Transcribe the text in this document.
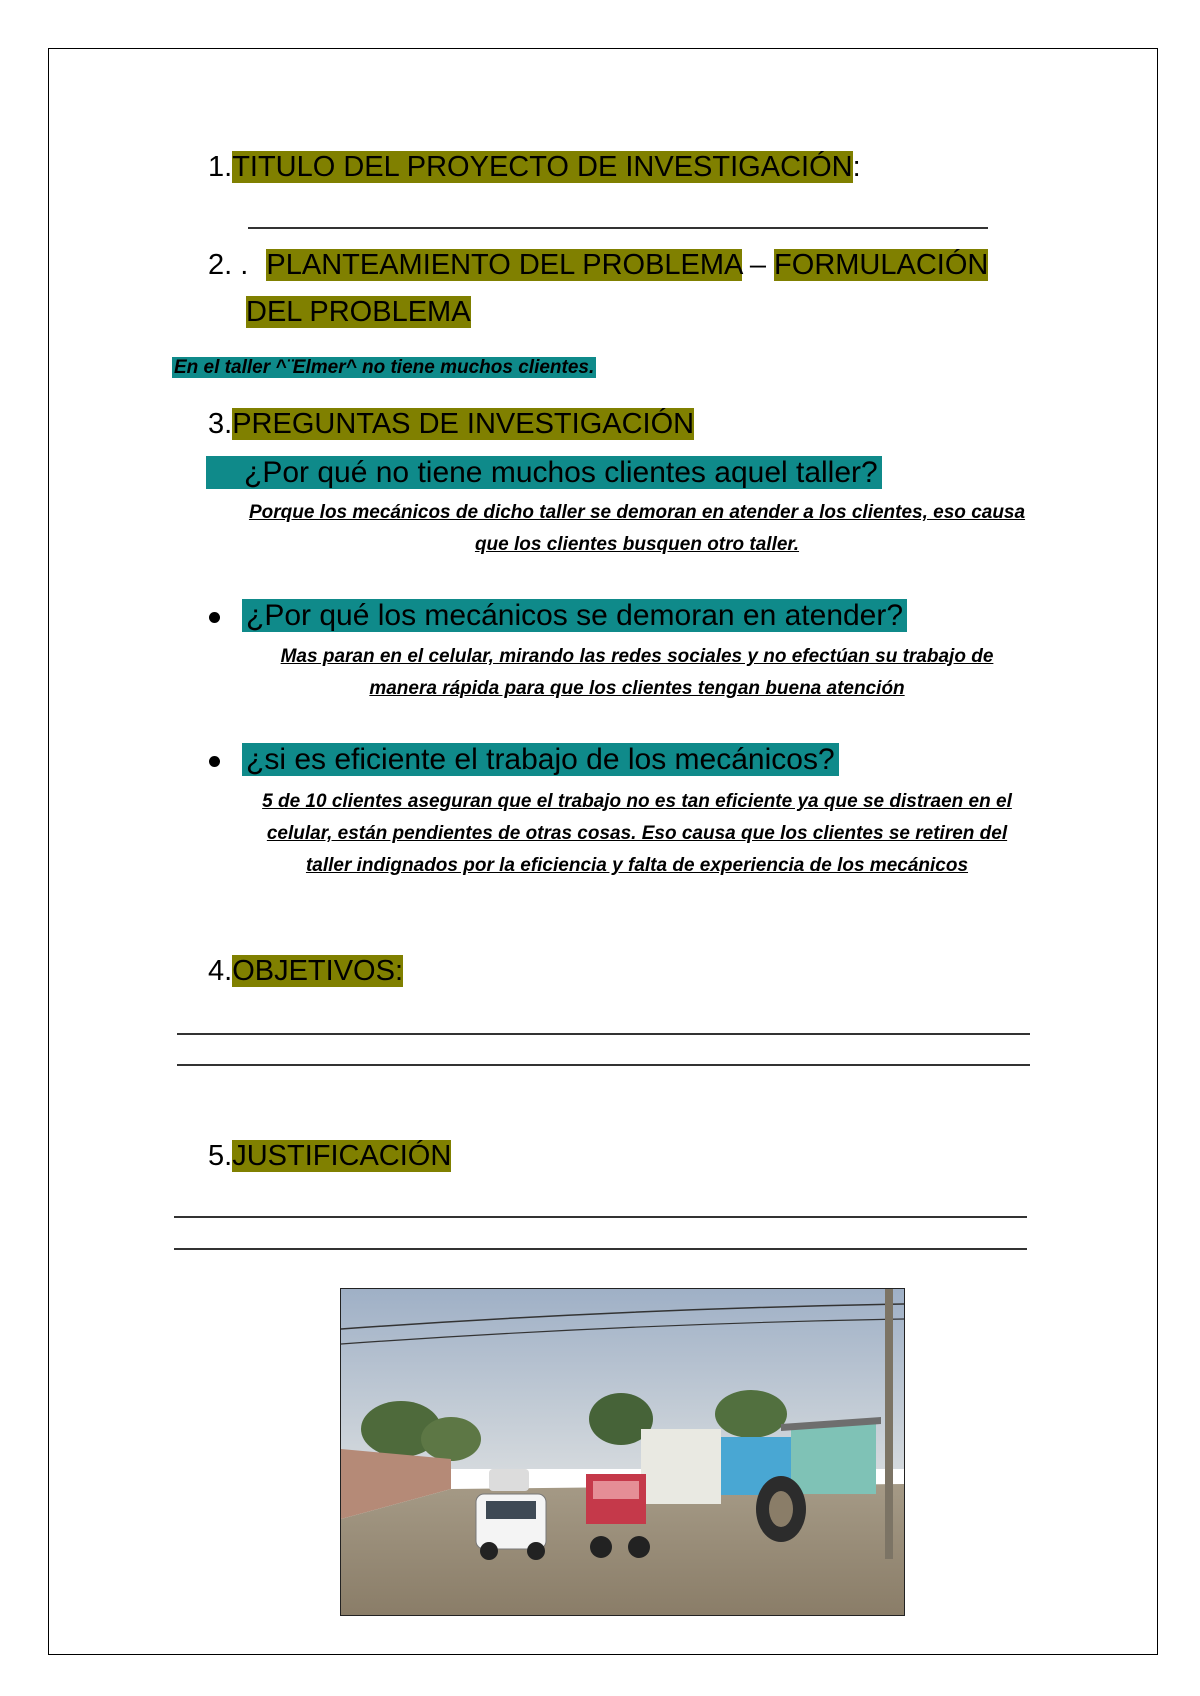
1.TITULO DEL PROYECTO DE INVESTIGACIÓN:
2. . PLANTEAMIENTO DEL PROBLEMA – FORMULACIÓN
DEL PROBLEMA
En el taller ^¨Elmer^ no tiene muchos clientes.
3.PREGUNTAS DE INVESTIGACIÓN
¿Por qué no tiene muchos clientes aquel taller?
Porque los mecánicos de dicho taller se demoran en atender a los clientes, eso causa que los clientes busquen otro taller.
¿Por qué los mecánicos se demoran en atender?
Mas paran en el celular, mirando las redes sociales y no efectúan su trabajo de manera rápida para que los clientes tengan buena atención
¿si es eficiente el trabajo de los mecánicos?
5 de 10 clientes aseguran que el trabajo no es tan eficiente ya que se distraen en el celular, están pendientes de otras cosas. Eso causa que los clientes se retiren del taller indignados por la eficiencia y falta de experiencia de los mecánicos
4.OBJETIVOS:
5.JUSTIFICACIÓN
